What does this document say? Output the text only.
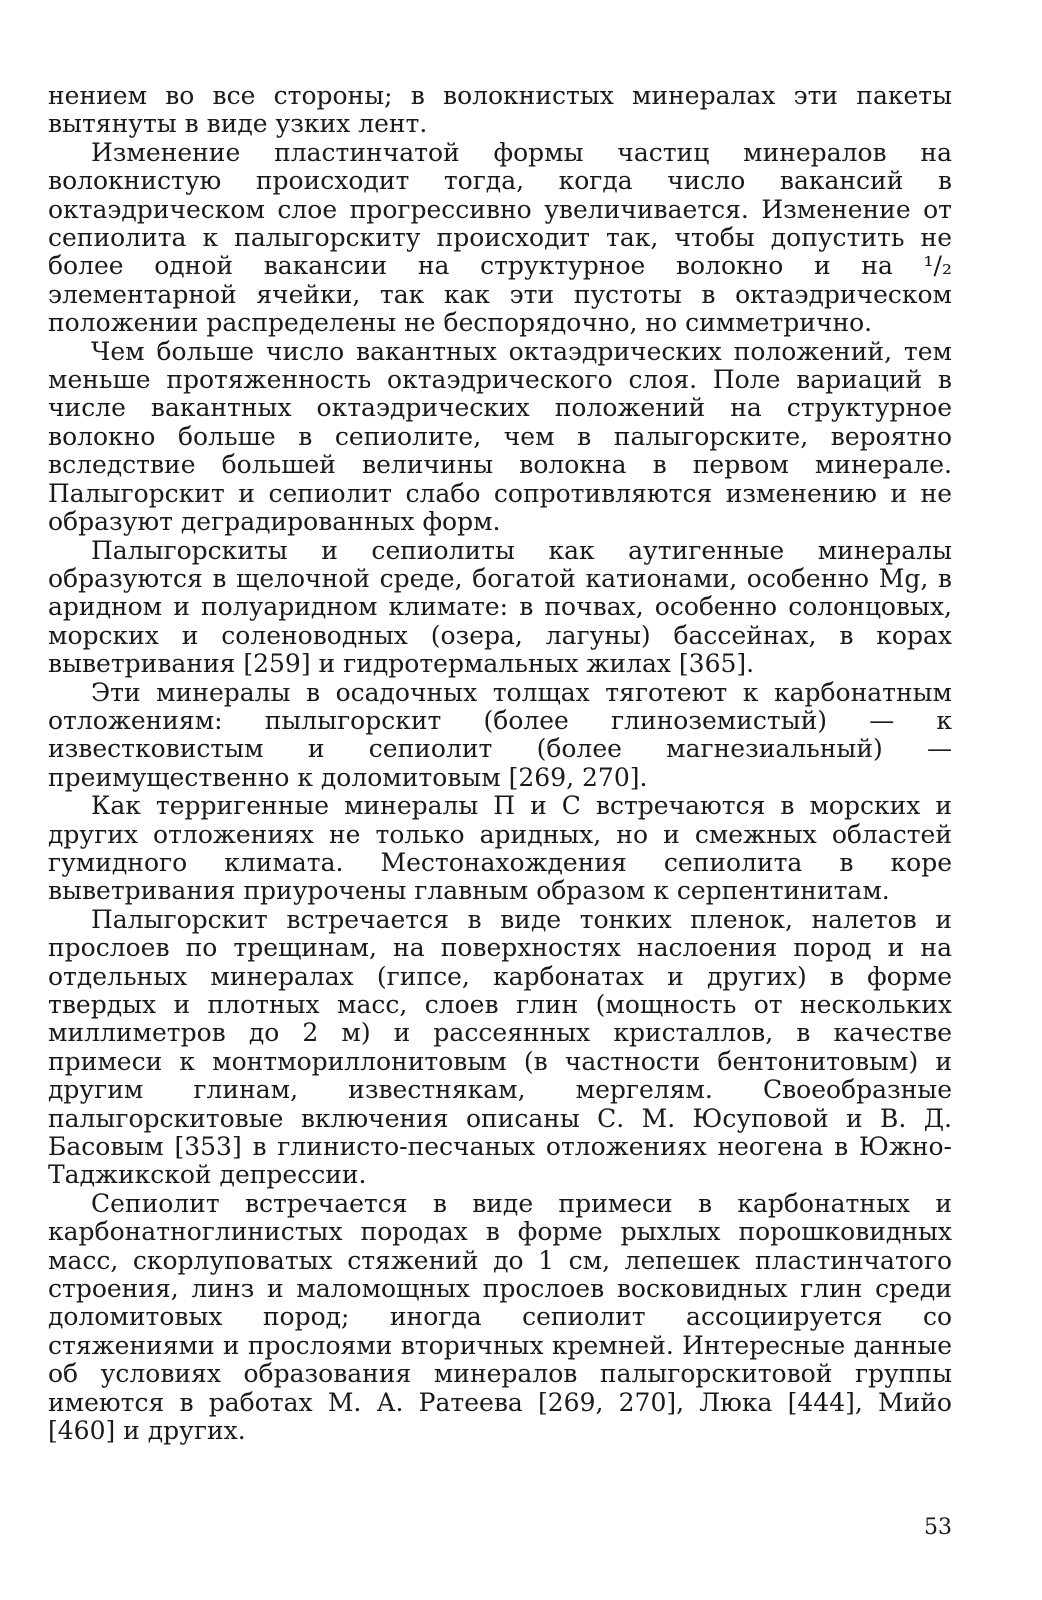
нением во все стороны; в волокнистых минералах эти пакеты вытянуты в виде узких лент.

Изменение пластинчатой формы частиц минералов на волокнистую происходит тогда, когда число вакансий в октаэдрическом слое прогрессивно увеличивается. Изменение от сепиолита к палыгорскиту происходит так, чтобы допустить не более одной вакансии на структурное волокно и на ¹/₂ элементарной ячейки, так как эти пустоты в октаэдрическом положении распределены не беспорядочно, но симметрично.

Чем больше число вакантных октаэдрических положений, тем меньше протяженность октаэдрического слоя. Поле вариаций в числе вакантных октаэдрических положений на структурное волокно больше в сепиолите, чем в палыгорските, вероятно вследствие большей величины волокна в первом минерале. Палыгорскит и сепиолит слабо сопротивляются изменению и не образуют деградированных форм.

Палыгорскиты и сепиолиты как аутигенные минералы образуются в щелочной среде, богатой катионами, особенно Mg, в аридном и полуаридном климате: в почвах, особенно солонцовых, морских и соленоводных (озера, лагуны) бассейнах, в корах выветривания [259] и гидротермальных жилах [365].

Эти минералы в осадочных толщах тяготеют к карбонатным отложениям: пылыгорскит (более глиноземистый) — к известковистым и сепиолит (более магнезиальный) — преимущественно к доломитовым [269, 270].

Как терригенные минералы П и С встречаются в морских и других отложениях не только аридных, но и смежных областей гумидного климата. Местонахождения сепиолита в коре выветривания приурочены главным образом к серпентинитам.

Палыгорскит встречается в виде тонких пленок, налетов и прослоев по трещинам, на поверхностях наслоения пород и на отдельных минералах (гипсе, карбонатах и других) в форме твердых и плотных масс, слоев глин (мощность от нескольких миллиметров до 2 м) и рассеянных кристаллов, в качестве примеси к монтмориллонитовым (в частности бентонитовым) и другим глинам, известнякам, мергелям. Своеобразные палыгорскитовые включения описаны С. М. Юсуповой и В. Д. Басовым [353] в глинисто-песчаных отложениях неогена в Южно-Таджикской депрессии.

Сепиолит встречается в виде примеси в карбонатных и карбонатноглинистых породах в форме рыхлых порошковидных масс, скорлуповатых стяжений до 1 см, лепешек пластинчатого строения, линз и маломощных прослоев восковидных глин среди доломитовых пород; иногда сепиолит ассоциируется со стяжениями и прослоями вторичных кремней. Интересные данные об условиях образования минералов палыгорскитовой группы имеются в работах М. А. Ратеева [269, 270], Люка [444], Мийо [460] и других.

53
